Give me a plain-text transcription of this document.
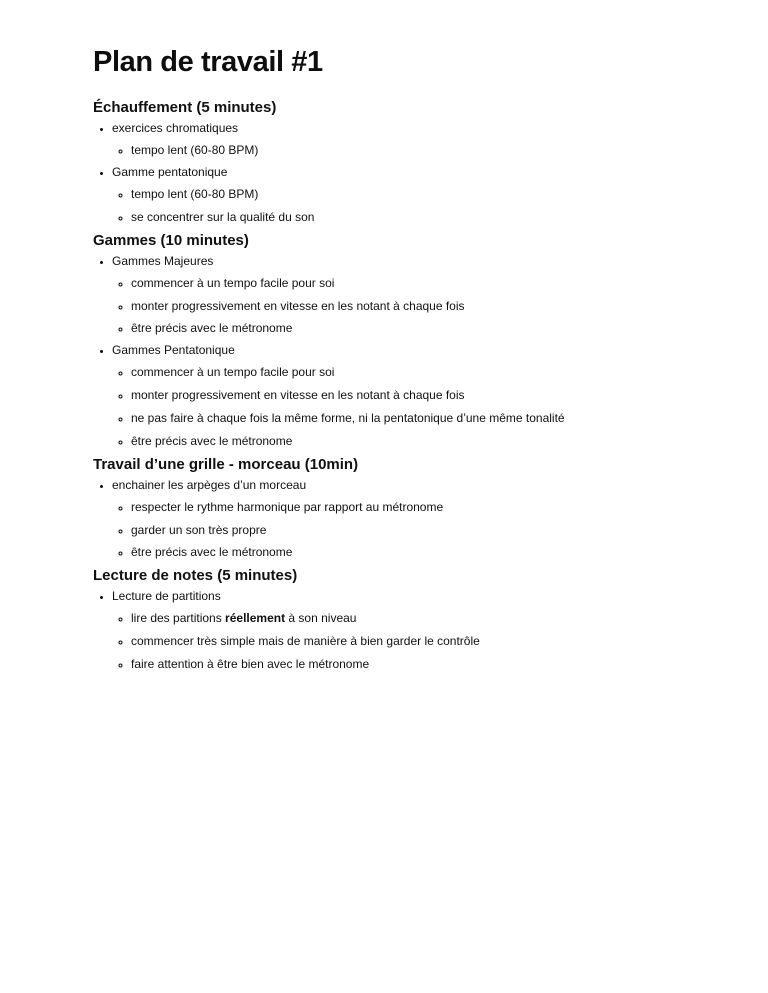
Plan de travail #1
Échauffement (5 minutes)
• exercices chromatiques
◦ tempo lent (60-80 BPM)
• Gamme pentatonique
◦ tempo lent (60-80 BPM)
◦ se concentrer sur la qualité du son
Gammes (10 minutes)
• Gammes Majeures
◦ commencer à un tempo facile pour soi
◦ monter progressivement en vitesse en les notant à chaque fois
◦ être précis avec le métronome
• Gammes Pentatonique
◦ commencer à un tempo facile pour soi
◦ monter progressivement en vitesse en les notant à chaque fois
◦ ne pas faire à chaque fois la même forme, ni la pentatonique d’une même tonalité
◦ être précis avec le métronome
Travail d’une grille - morceau (10min)
• enchainer les arpèges d’un morceau
◦ respecter le rythme harmonique par rapport au métronome
◦ garder un son très propre
◦ être précis avec le métronome
Lecture de notes (5 minutes)
• Lecture de partitions
◦ lire des partitions réellement à son niveau
◦ commencer très simple mais de manière à bien garder le contrôle
◦ faire attention à être bien avec le métronome
